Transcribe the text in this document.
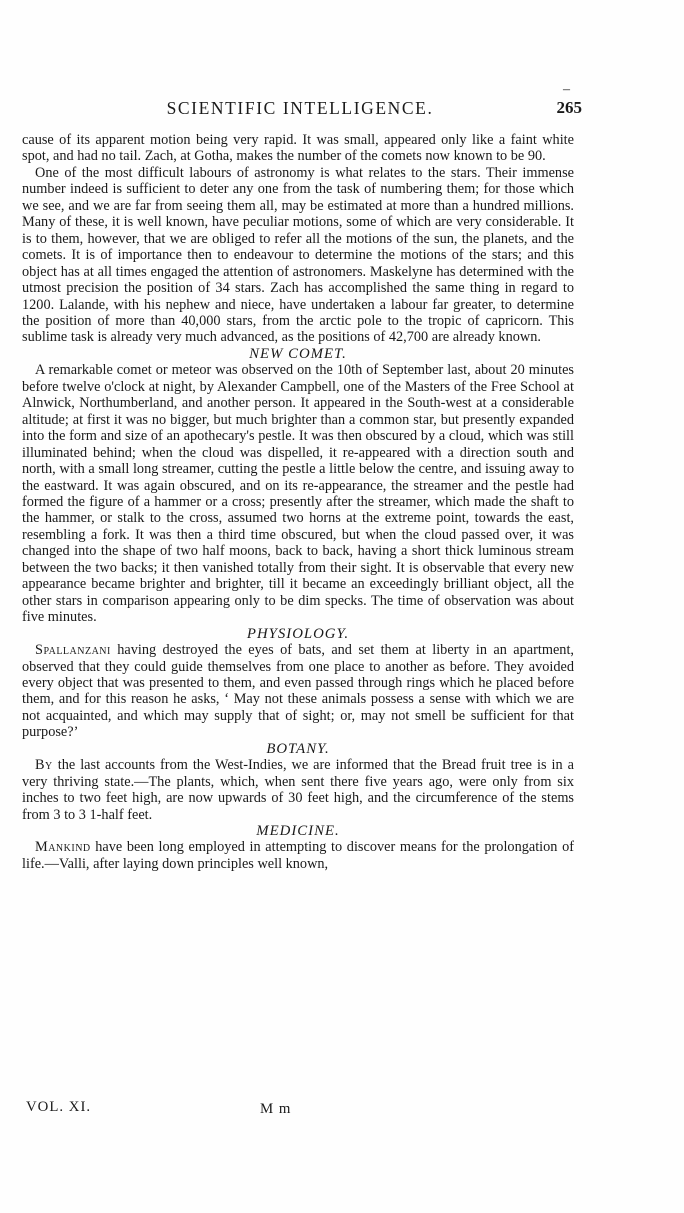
‒
SCIENTIFIC INTELLIGENCE.	265

cause of its apparent motion being very rapid. It was small, appeared only like a faint white spot, and had no tail. Zach, at Gotha, makes the number of the comets now known to be 90.

One of the most difficult labours of astronomy is what relates to the stars. Their immense number indeed is sufficient to deter any one from the task of numbering them; for those which we see, and we are far from seeing them all, may be estimated at more than a hundred millions. Many of these, it is well known, have peculiar motions, some of which are very considerable. It is to them, however, that we are obliged to refer all the motions of the sun, the planets, and the comets. It is of importance then to endeavour to determine the motions of the stars; and this object has at all times engaged the attention of astronomers. Maskelyne has determined with the utmost precision the position of 34 stars. Zach has accomplished the same thing in regard to 1200. Lalande, with his nephew and niece, have undertaken a labour far greater, to determine the position of more than 40,000 stars, from the arctic pole to the tropic of capricorn. This sublime task is already very much advanced, as the positions of 42,700 are already known.

NEW COMET.

A remarkable comet or meteor was observed on the 10th of September last, about 20 minutes before twelve o'clock at night, by Alexander Campbell, one of the Masters of the Free School at Alnwick, Northumberland, and another person. It appeared in the South-west at a considerable altitude; at first it was no bigger, but much brighter than a common star, but presently expanded into the form and size of an apothecary's pestle. It was then obscured by a cloud, which was still illuminated behind; when the cloud was dispelled, it re-appeared with a direction south and north, with a small long streamer, cutting the pestle a little below the centre, and issuing away to the eastward. It was again obscured, and on its re-appearance, the streamer and the pestle had formed the figure of a hammer or a cross; presently after the streamer, which made the shaft to the hammer, or stalk to the cross, assumed two horns at the extreme point, towards the east, resembling a fork. It was then a third time obscured, but when the cloud passed over, it was changed into the shape of two half moons, back to back, having a short thick luminous stream between the two backs; it then vanished totally from their sight. It is observable that every new appearance became brighter and brighter, till it became an exceedingly brilliant object, all the other stars in comparison appearing only to be dim specks. The time of observation was about five minutes.

PHYSIOLOGY.

Spallanzani having destroyed the eyes of bats, and set them at liberty in an apartment, observed that they could guide themselves from one place to another as before. They avoided every object that was presented to them, and even passed through rings which he placed before them, and for this reason he asks, ‘ May not these animals possess a sense with which we are not acquainted, and which may supply that of sight; or, may not smell be sufficient for that purpose?’

BOTANY.

By the last accounts from the West-Indies, we are informed that the Bread fruit tree is in a very thriving state.—The plants, which, when sent there five years ago, were only from six inches to two feet high, are now upwards of 30 feet high, and the circumference of the stems from 3 to 3 1-half feet.

MEDICINE.

Mankind have been long employed in attempting to discover means for the prolongation of life.—Valli, after laying down principles well known,

VOL. XI.	M m
